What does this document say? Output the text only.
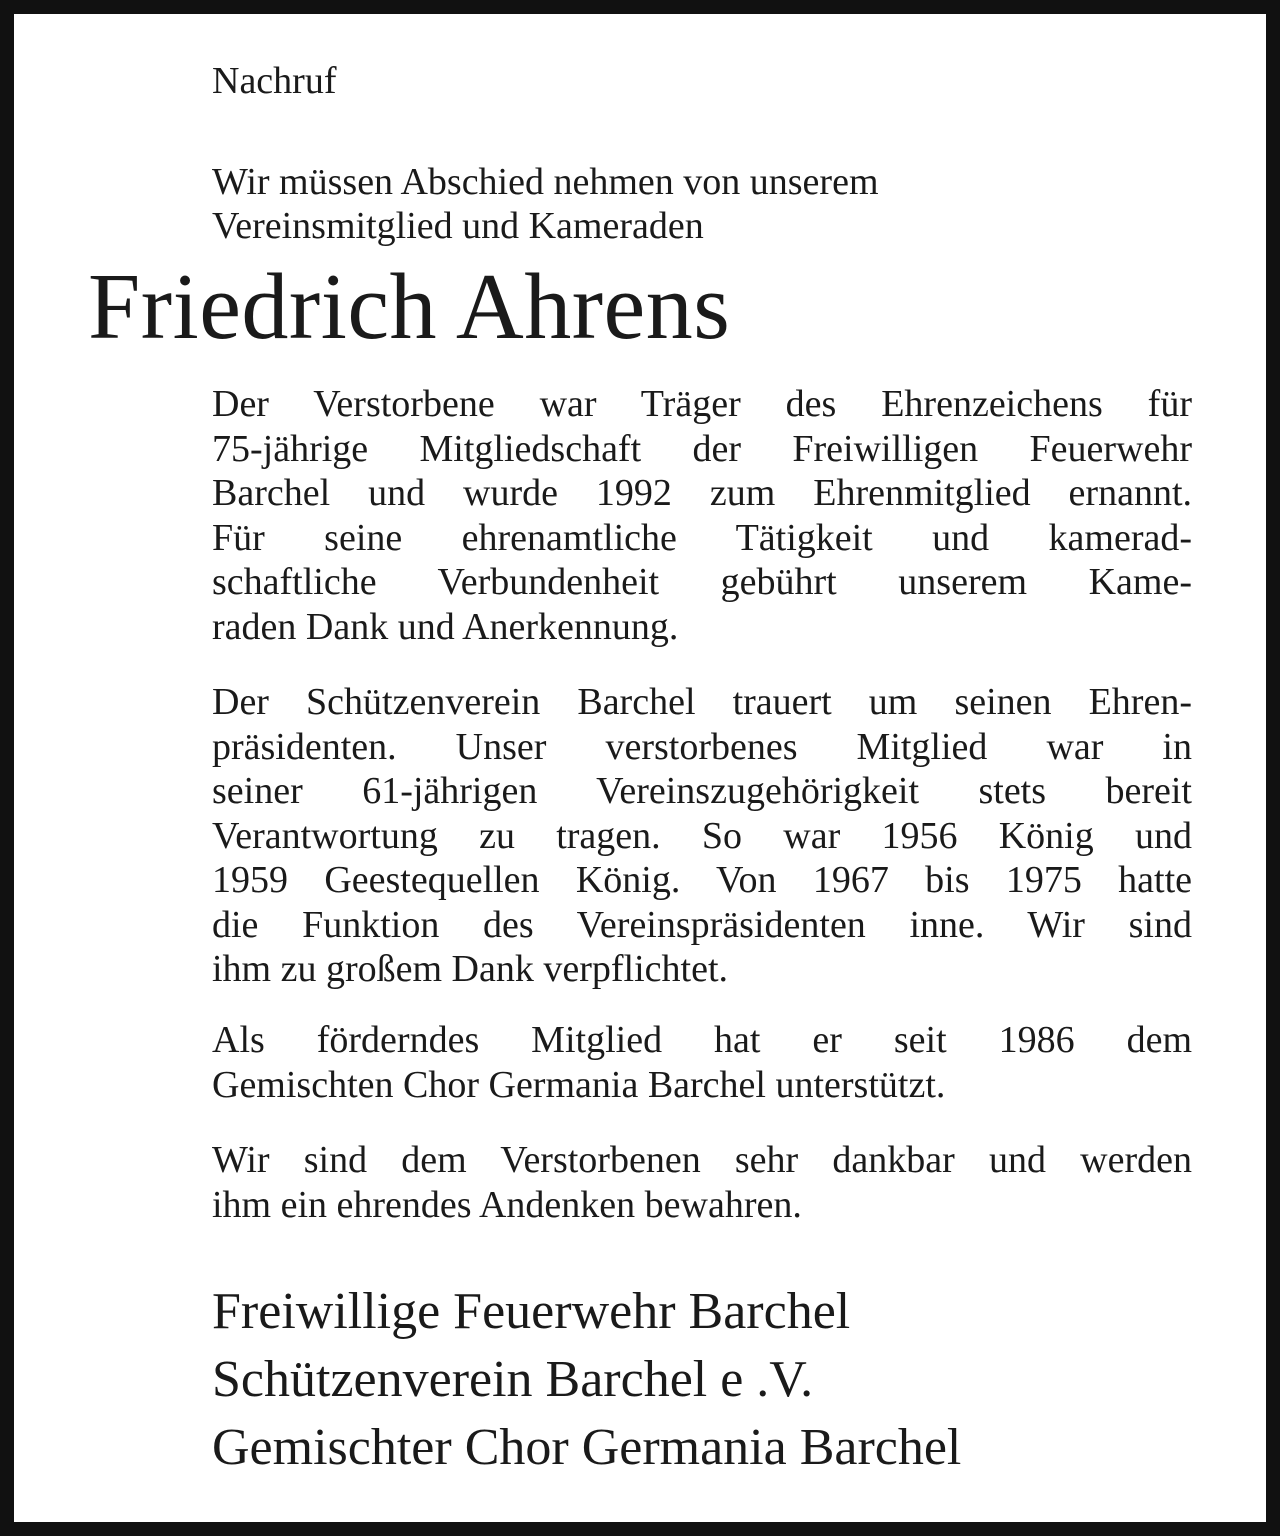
Nachruf

Wir müssen Abschied nehmen von unserem
Vereinsmitglied und Kameraden

Friedrich Ahrens

Der Verstorbene war Träger des Ehrenzeichens für
75-jährige Mitgliedschaft der Freiwilligen Feuerwehr
Barchel und wurde 1992 zum Ehrenmitglied ernannt.
Für seine ehrenamtliche Tätigkeit und kamerad-
schaftliche Verbundenheit gebührt unserem Kame-
raden Dank und Anerkennung.

Der Schützenverein Barchel trauert um seinen Ehren-
präsidenten. Unser verstorbenes Mitglied war in
seiner 61-jährigen Vereinszugehörigkeit stets bereit
Verantwortung zu tragen. So war 1956 König und
1959 Geestequellen König. Von 1967 bis 1975 hatte
die Funktion des Vereinspräsidenten inne. Wir sind
ihm zu großem Dank verpflichtet.

Als förderndes Mitglied hat er seit 1986 dem
Gemischten Chor Germania Barchel unterstützt.

Wir sind dem Verstorbenen sehr dankbar und werden
ihm ein ehrendes Andenken bewahren.

Freiwillige Feuerwehr Barchel
Schützenverein Barchel e .V.
Gemischter Chor Germania Barchel
